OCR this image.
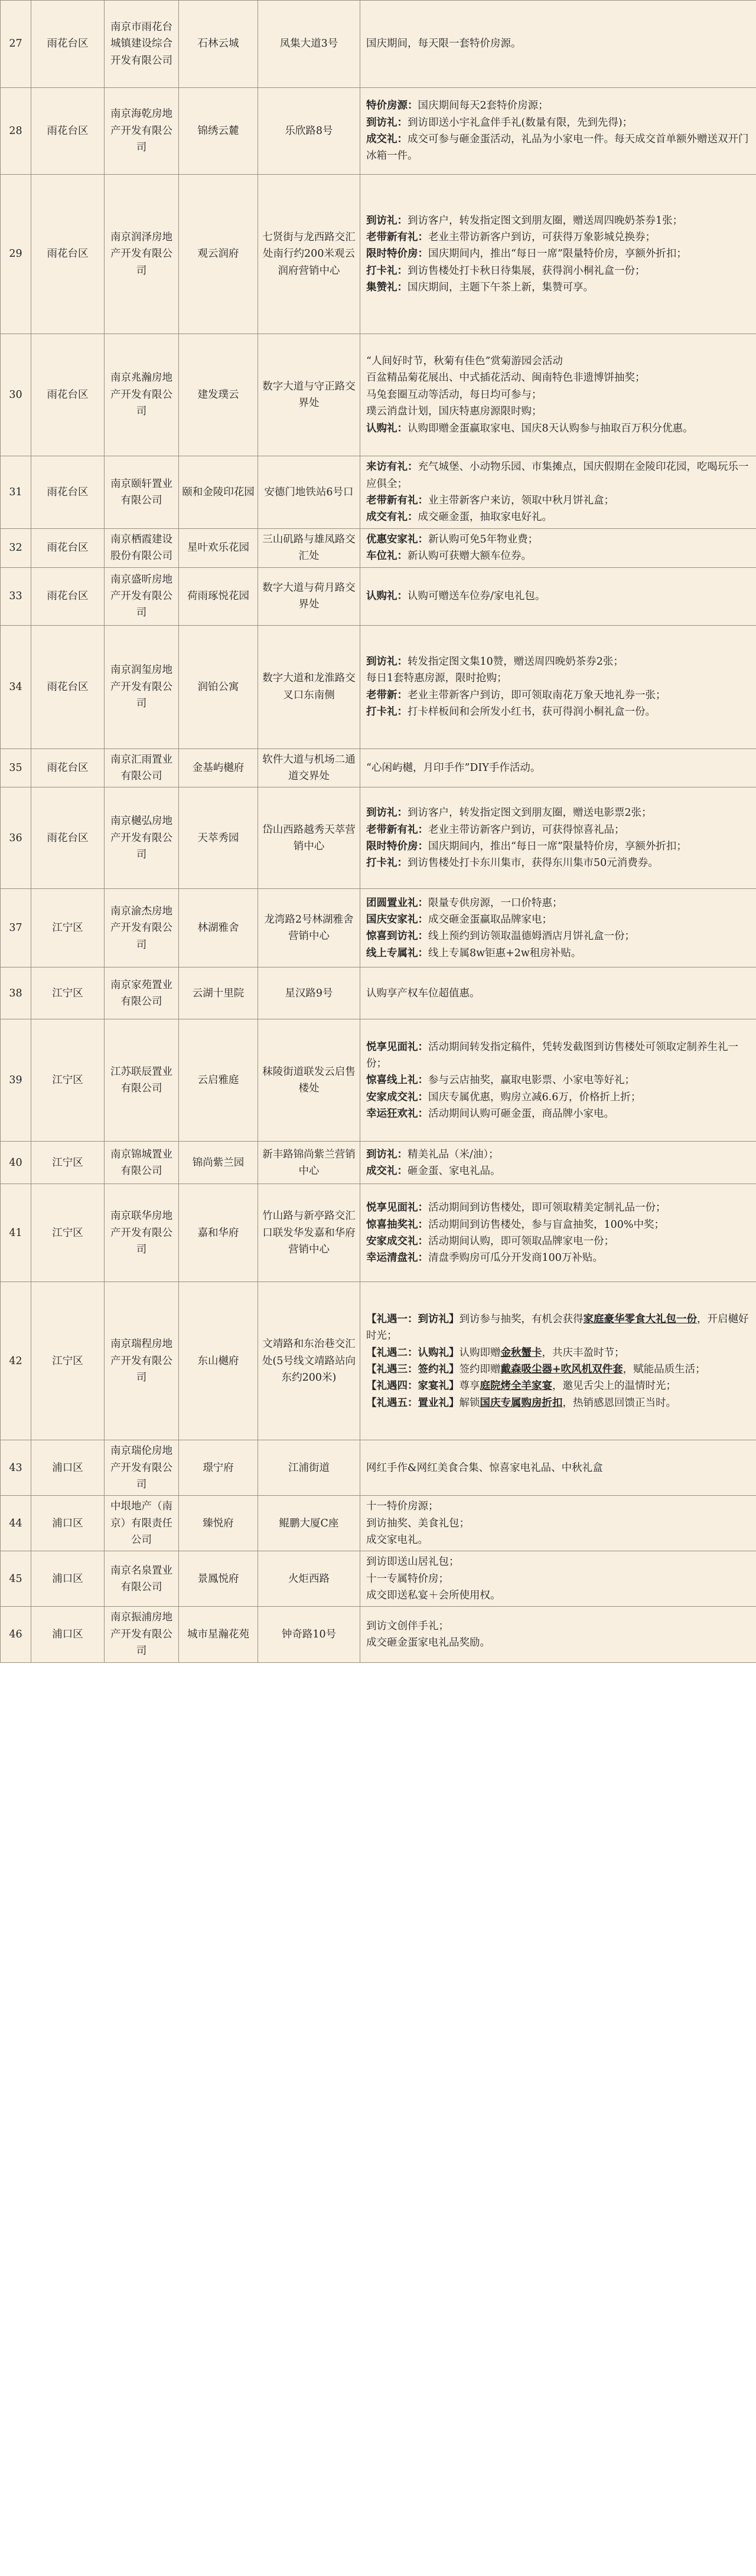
27	雨花台区	南京市雨花台城镇建设综合开发有限公司	石林云城	凤集大道3号	国庆期间，每天限一套特价房源。

28	雨花台区	南京海乾房地产开发有限公司	锦绣云麓	乐欣路8号	特价房源：国庆期间每天2套特价房源；
到访礼：到访即送小宇礼盒伴手礼(数量有限，先到先得)；
成交礼：成交可参与砸金蛋活动，礼品为小家电一件。每天成交首单额外赠送双开门冰箱一件。

29	雨花台区	南京润泽房地产开发有限公司	观云润府	七贤街与龙西路交汇处南行约200米观云润府营销中心	到访礼：到访客户，转发指定图文到朋友圈，赠送周四晚奶茶券1张；
老带新有礼：老业主带访新客户到访，可获得万象影城兑换券；
限时特价房：国庆期间内，推出“每日一席”限量特价房，享额外折扣；
打卡礼：到访售楼处打卡秋日待集展，获得润小桐礼盒一份；
集赞礼：国庆期间，主题下午茶上新，集赞可享。

30	雨花台区	南京兆瀚房地产开发有限公司	建发璞云	数字大道与守正路交界处	“人间好时节，秋菊有佳色”赏菊游园会活动
百盆精品菊花展出、中式插花活动、闽南特色非遗博饼抽奖；
马兔套圈互动等活动，每日均可参与；
璞云消盘计划，国庆特惠房源限时购；
认购礼：认购即赠金蛋赢取家电、国庆8天认购参与抽取百万积分优惠。

31	雨花台区	南京颐轩置业有限公司	颐和金陵印花园	安德门地铁站6号口	来访有礼：充气城堡、小动物乐园、市集摊点，国庆假期在金陵印花园，吃喝玩乐一应俱全；
老带新有礼：业主带新客户来访，领取中秋月饼礼盒；
成交有礼：成交砸金蛋，抽取家电好礼。

32	雨花台区	南京栖霞建设股份有限公司	星叶欢乐花园	三山矶路与雄凤路交汇处	优惠安家礼：新认购可免5年物业费；
车位礼：新认购可获赠大额车位券。

33	雨花台区	南京盛昕房地产开发有限公司	荷雨琢悦花园	数字大道与荷月路交界处	认购礼：认购可赠送车位券/家电礼包。

34	雨花台区	南京润玺房地产开发有限公司	润铂公寓	数字大道和龙淮路交叉口东南侧	到访礼：转发指定图文集10赞，赠送周四晚奶茶券2张；
每日1套特惠房源，限时抢购；
老带新：老业主带新客户到访，即可领取南花万象天地礼券一张；
打卡礼：打卡样板间和会所发小红书，获可得润小桐礼盒一份。

35	雨花台区	南京汇雨置业有限公司	金基屿樾府	软件大道与机场二通道交界处	“心闲屿樾，月印手作”DIY手作活动。

36	雨花台区	南京樾弘房地产开发有限公司	天萃秀园	岱山西路越秀天萃营销中心	到访礼：到访客户，转发指定图文到朋友圈，赠送电影票2张；
老带新有礼：老业主带访新客户到访，可获得惊喜礼品；
限时特价房：国庆期间内，推出“每日一席”限量特价房，享额外折扣；
打卡礼：到访售楼处打卡东川集市，获得东川集市50元消费券。

37	江宁区	南京渝杰房地产开发有限公司	林湖雅舍	龙湾路2号林湖雅舍营销中心	团圆置业礼：限量专供房源，一口价特惠；
国庆安家礼：成交砸金蛋赢取品牌家电；
惊喜到访礼：线上预约到访领取温德姆酒店月饼礼盒一份；
线上专属礼：线上专属8w钜惠+2w租房补贴。

38	江宁区	南京家苑置业有限公司	云湖十里院	星汉路9号	认购享产权车位超值惠。

39	江宁区	江苏联辰置业有限公司	云启雅庭	秣陵街道联发云启售楼处	悦享见面礼：活动期间转发指定稿件，凭转发截图到访售楼处可领取定制养生礼一份；
惊喜线上礼：参与云店抽奖，赢取电影票、小家电等好礼；
安家成交礼：国庆专属优惠，购房立减6.6万，价格折上折；
幸运狂欢礼：活动期间认购可砸金蛋，商品牌小家电。

40	江宁区	南京锦城置业有限公司	锦尚紫兰园	新丰路锦尚紫兰营销中心	到访礼：精美礼品（米/油）；
成交礼：砸金蛋、家电礼品。

41	江宁区	南京联华房地产开发有限公司	嘉和华府	竹山路与新亭路交汇口联发华发嘉和华府营销中心	悦享见面礼：活动期间到访售楼处，即可领取精美定制礼品一份；
惊喜抽奖礼：活动期间到访售楼处，参与盲盒抽奖，100%中奖；
安家成交礼：活动期间认购，即可领取品牌家电一份；
幸运清盘礼：清盘季购房可瓜分开发商100万补贴。

42	江宁区	南京瑞程房地产开发有限公司	东山樾府	文靖路和东治巷交汇处(5号线文靖路站向东约200米)	【礼遇一：到访礼】到访参与抽奖，有机会获得家庭豪华零食大礼包一份，开启樾好时光；
【礼遇二：认购礼】认购即赠金秋蟹卡，共庆丰盈时节；
【礼遇三：签约礼】签约即赠戴森吸尘器+吹风机双件套，赋能品质生活；
【礼遇四：家宴礼】尊享庭院烤全羊家宴，邀见舌尖上的温情时光；
【礼遇五：置业礼】解锁国庆专属购房折扣，热销感恩回馈正当时。

43	浦口区	南京瑞伦房地产开发有限公司	璟宁府	江浦街道	网红手作&网红美食合集、惊喜家电礼品、中秋礼盒

44	浦口区	中垠地产（南京）有限责任公司	臻悦府	鲲鹏大厦C座	十一特价房源；
到访抽奖、美食礼包；
成交家电礼。

45	浦口区	南京名泉置业有限公司	景鳳悦府	火炬西路	到访即送山居礼包；
十一专属特价房；
成交即送私宴＋会所使用权。

46	浦口区	南京振浦房地产开发有限公司	城市星瀚花苑	钟奇路10号	到访文创伴手礼；
成交砸金蛋家电礼品奖励。
